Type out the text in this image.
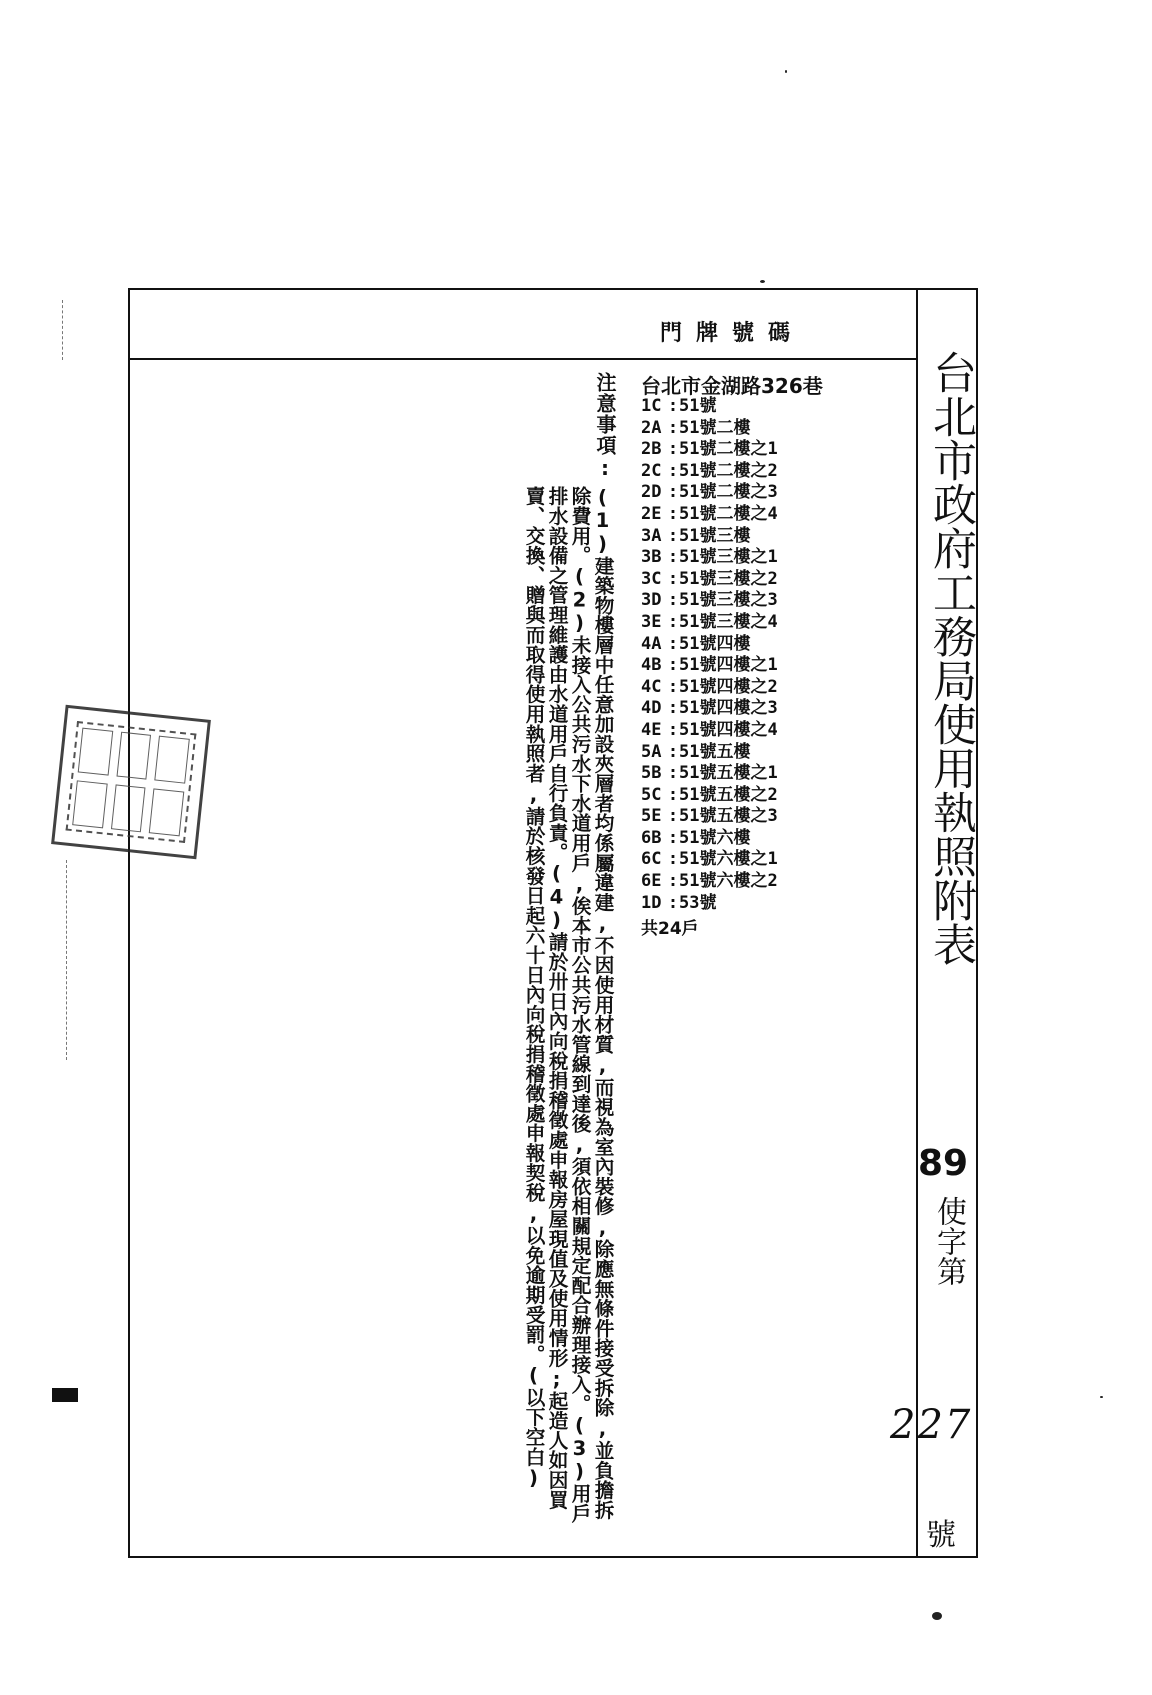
門牌號碼
台北市政府工務局使用執照附表
89
使字第
227
號
台北市金湖路326巷
1C : 51號
2A : 51號二樓
2B : 51號二樓之1
2C : 51號二樓之2
2D : 51號二樓之3
2E : 51號二樓之4
3A : 51號三樓
3B : 51號三樓之1
3C : 51號三樓之2
3D : 51號三樓之3
3E : 51號三樓之4
4A : 51號四樓
4B : 51號四樓之1
4C : 51號四樓之2
4D : 51號四樓之3
4E : 51號四樓之4
5A : 51號五樓
5B : 51號五樓之1
5C : 51號五樓之2
5E : 51號五樓之3
6B : 51號六樓
6C : 51號六樓之1
6E : 51號六樓之2
1D : 53號
共24戶
注意事項:
(1)建築物樓層中任意加設夾層者均係屬違建,不因使用材質,而視為室內裝修,除應無條件接受拆除,並負擔拆除費用。(2)未接入公共污水下水道用戶,俟本市公共污水管線到達後,須依相關規定配合辦理接入。(3)用戶排水設備之管理維護由水道用戶自行負責。(4)請於卅日內向稅捐稽徵處申報房屋現值及使用情形;起造人如因買賣、交換、贈與而取得使用執照者,請於核發日起六十日內向稅捐稽徵處申報契稅,以免逾期受罰。(以下空白)
